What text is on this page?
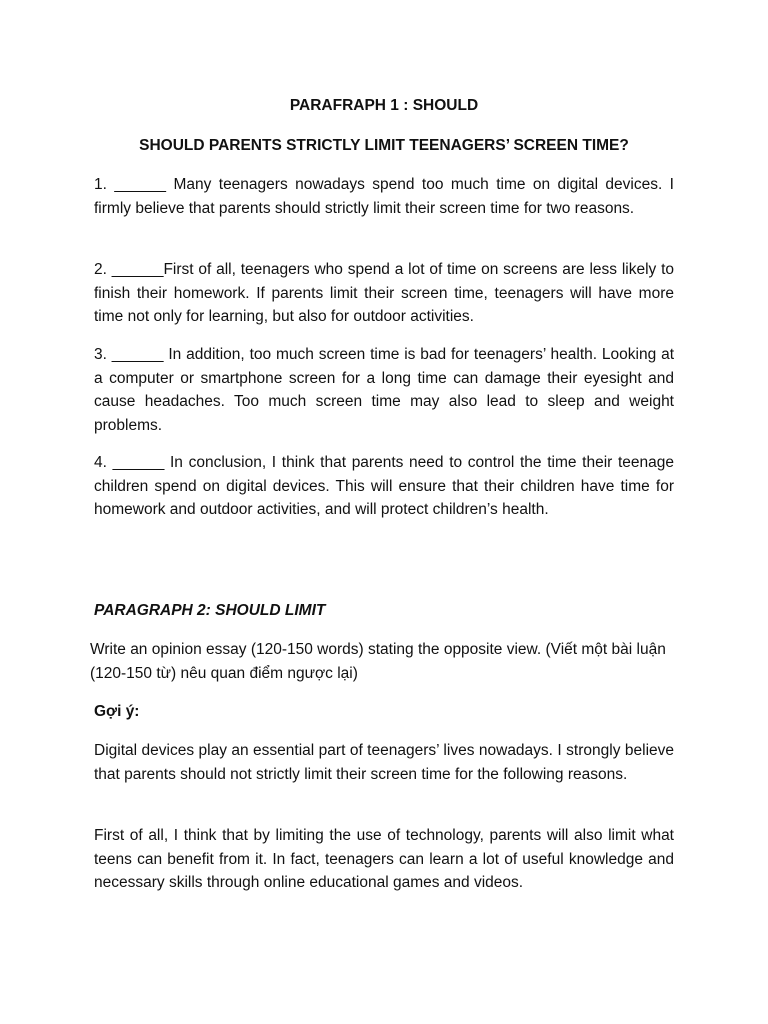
PARAFRAPH 1 : SHOULD
SHOULD PARENTS STRICTLY LIMIT TEENAGERS’ SCREEN TIME?

1. ______ Many teenagers nowadays spend too much time on digital devices. I firmly believe that parents should strictly limit their screen time for two reasons.

2. ______First of all, teenagers who spend a lot of time on screens are less likely to finish their homework. If parents limit their screen time, teenagers will have more time not only for learning, but also for outdoor activities.

3. ______ In addition, too much screen time is bad for teenagers’ health. Looking at a computer or smartphone screen for a long time can damage their eyesight and cause headaches. Too much screen time may also lead to sleep and weight problems.

4. ______ In conclusion, I think that parents need to control the time their teenage children spend on digital devices. This will ensure that their children have time for homework and outdoor activities, and will protect children’s health.

PARAGRAPH 2: SHOULD LIMIT

Write an opinion essay (120-150 words) stating the opposite view. (Viết một bài luận (120-150 từ) nêu quan điểm ngược lại)

Gợi ý:

Digital devices play an essential part of teenagers’ lives nowadays. I strongly believe that parents should not strictly limit their screen time for the following reasons.

First of all, I think that by limiting the use of technology, parents will also limit what teens can benefit from it. In fact, teenagers can learn a lot of useful knowledge and necessary skills through online educational games and videos.
